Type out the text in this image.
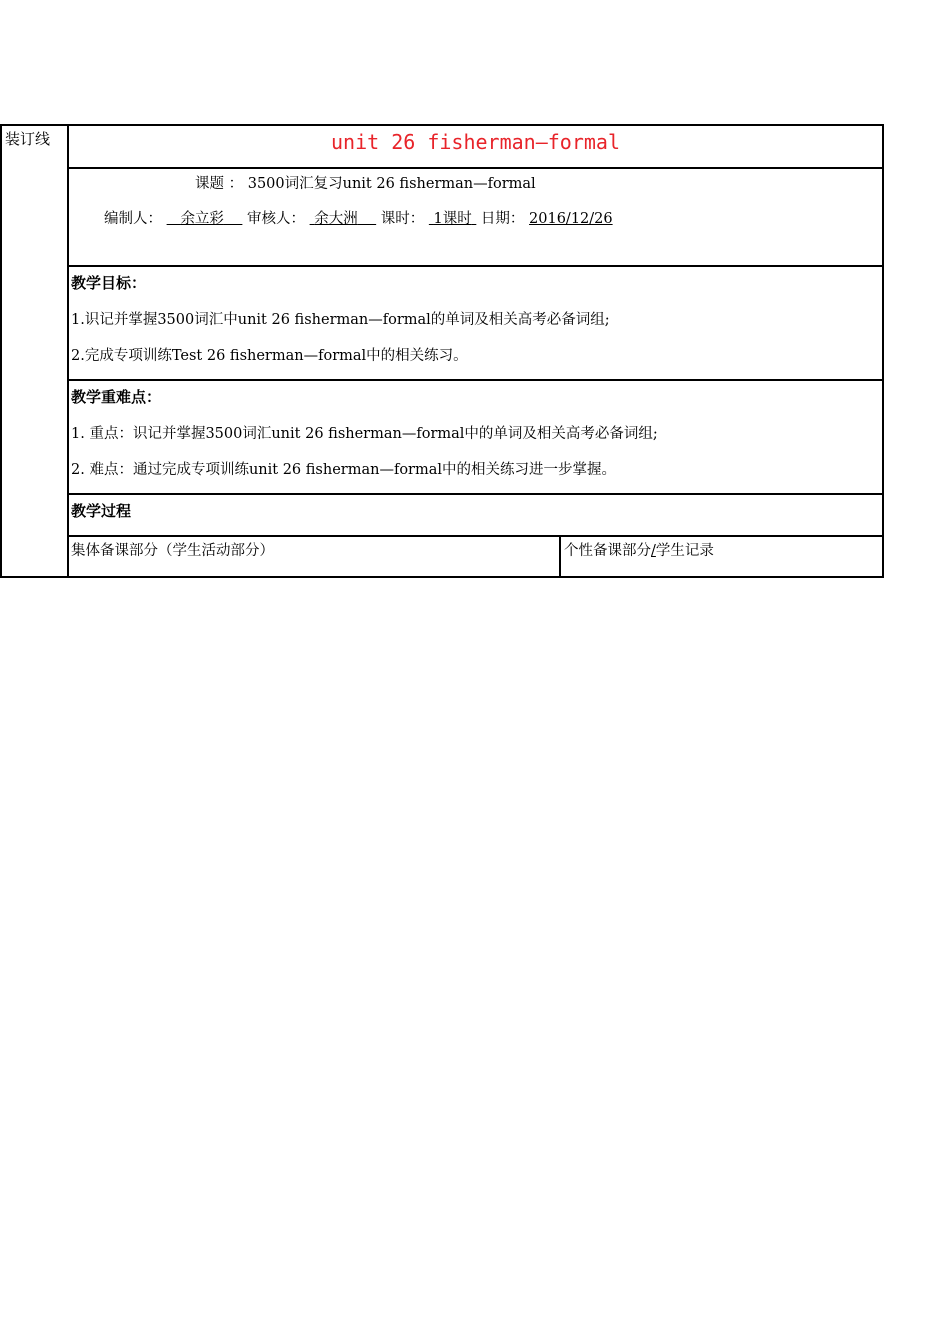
装订线	unit 26 fisherman—formal
课题 ： 3500词汇复习unit 26 fisherman—formal
编制人： 余立彩 审核人： 余大洲 课时： 1课时 日期： 2016/12/26
教学目标：
1.识记并掌握3500词汇中unit 26 fisherman—formal的单词及相关高考必备词组;
2.完成专项训练Test 26 fisherman—formal中的相关练习。
教学重难点：
1. 重点：识记并掌握3500词汇unit 26 fisherman—formal中的单词及相关高考必备词组;
2. 难点：通过完成专项训练unit 26 fisherman—formal中的相关练习进一步掌握。
教学过程
集体备课部分（学生活动部分）	个性备课部分/学生记录
